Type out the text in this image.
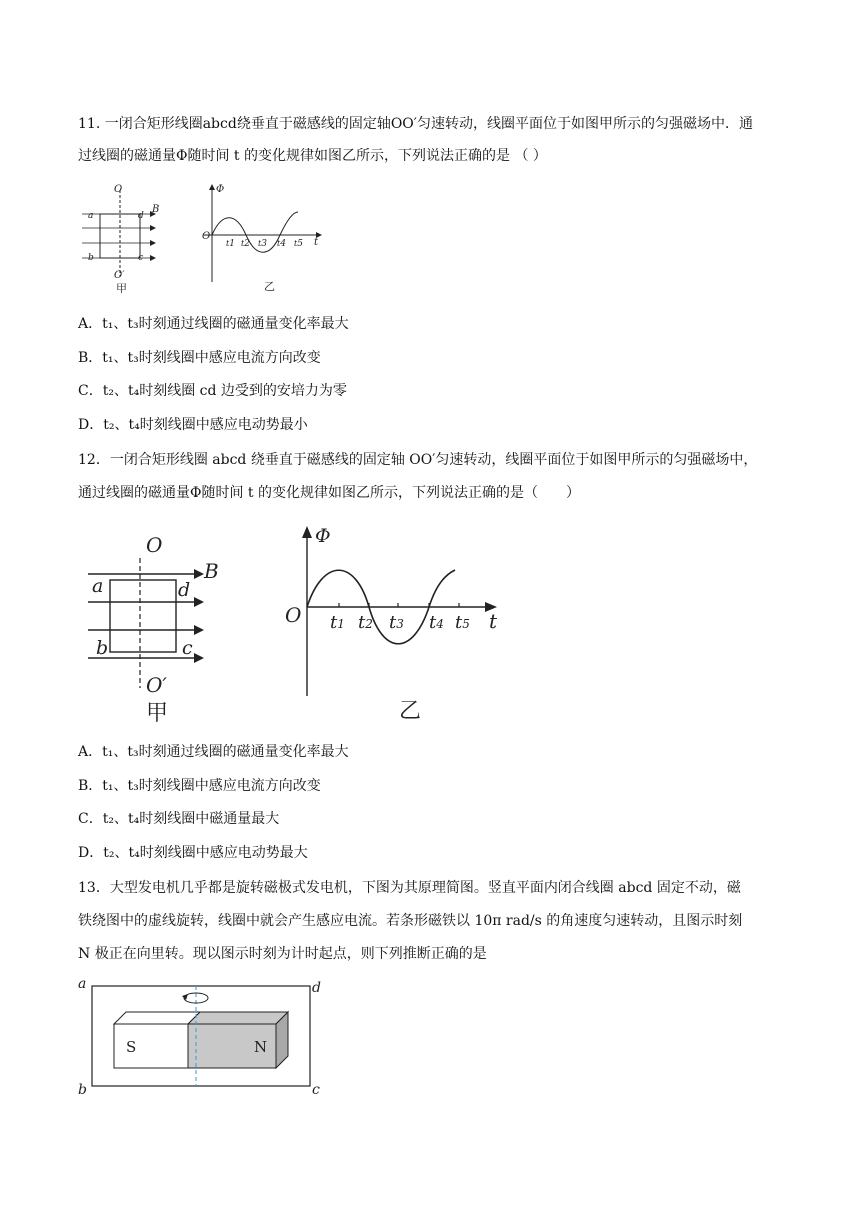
11. 一闭合矩形线圈abcd绕垂直于磁感线的固定轴OO′匀速转动，线圈平面位于如图甲所示的匀强磁场中．通
过线圈的磁通量Φ随时间 t 的变化规律如图乙所示，下列说法正确的是 （ ）
O
O′
B
a	d
b	c
甲
Φ
O
t
t1 t2 t3 t4 t5
乙
A．t₁、t₃时刻通过线圈的磁通量变化率最大
B．t₁、t₃时刻线圈中感应电流方向改变
C．t₂、t₄时刻线圈 cd 边受到的安培力为零
D．t₂、t₄时刻线圈中感应电动势最小
12．一闭合矩形线圈 abcd 绕垂直于磁感线的固定轴 OO′匀速转动，线圈平面位于如图甲所示的匀强磁场中，
通过线圈的磁通量Φ随时间 t 的变化规律如图乙所示，下列说法正确的是（　　）
O
O′
B
a	d
b	c
甲
Φ
O	t
t1 t2 t3 t4 t5
乙
A．t₁、t₃时刻通过线圈的磁通量变化率最大
B．t₁、t₃时刻线圈中感应电流方向改变
C．t₂、t₄时刻线圈中磁通量最大
D．t₂、t₄时刻线圈中感应电动势最大
13．大型发电机几乎都是旋转磁极式发电机，下图为其原理简图。竖直平面内闭合线圈 abcd 固定不动，磁
铁绕图中的虚线旋转，线圈中就会产生感应电流。若条形磁铁以 10π rad/s 的角速度匀速转动，且图示时刻
N 极正在向里转。现以图示时刻为计时起点，则下列推断正确的是
a	d
b	c
S	N
